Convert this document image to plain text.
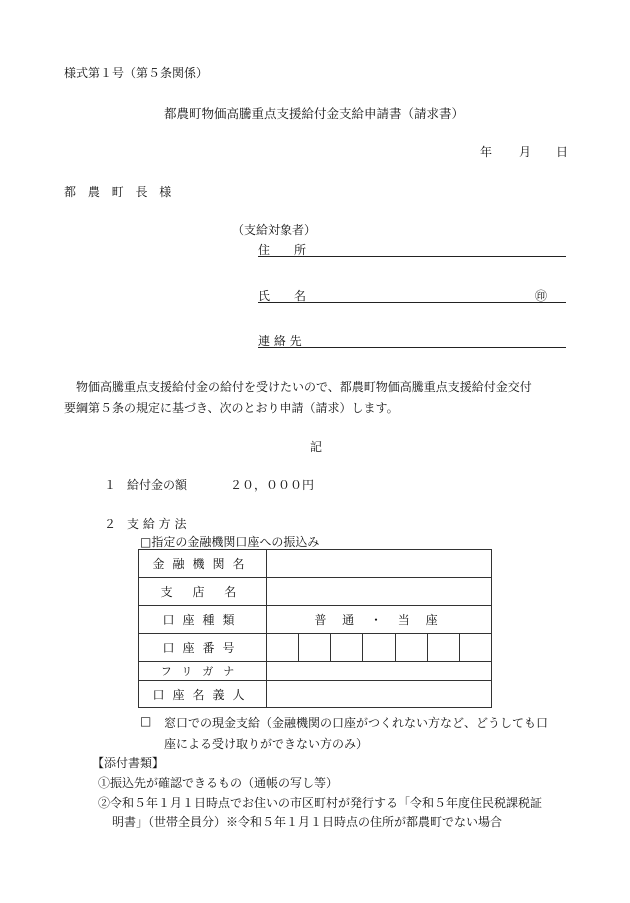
様式第１号（第５条関係）
都農町物価高騰重点支援給付金支給申請書（請求書）
年 月 日
都 農 町 長 様
（支給対象者）
住　　所
氏　　名	㊞
連 絡 先
物価高騰重点支援給付金の給付を受けたいので、都農町物価高騰重点支援給付金交付
要綱第５条の規定に基づき、次のとおり申請（請求）します。
記
１ 給付金の額	２０，０００円
２ 支 給 方 法
□指定の金融機関口座への振込み
金融機関名	
支 店 名	
口座種類	普 通 ・ 当 座
口座番号	

フリガナ	
口座名義人	
□ 窓口での現金支給（金融機関の口座がつくれない方など、どうしても口
座による受け取りができない方のみ）
【添付書類】
①振込先が確認できるもの（通帳の写し等）
②令和５年１月１日時点でお住いの市区町村が発行する「令和５年度住民税課税証
明書」（世帯全員分）※令和５年１月１日時点の住所が都農町でない場合
